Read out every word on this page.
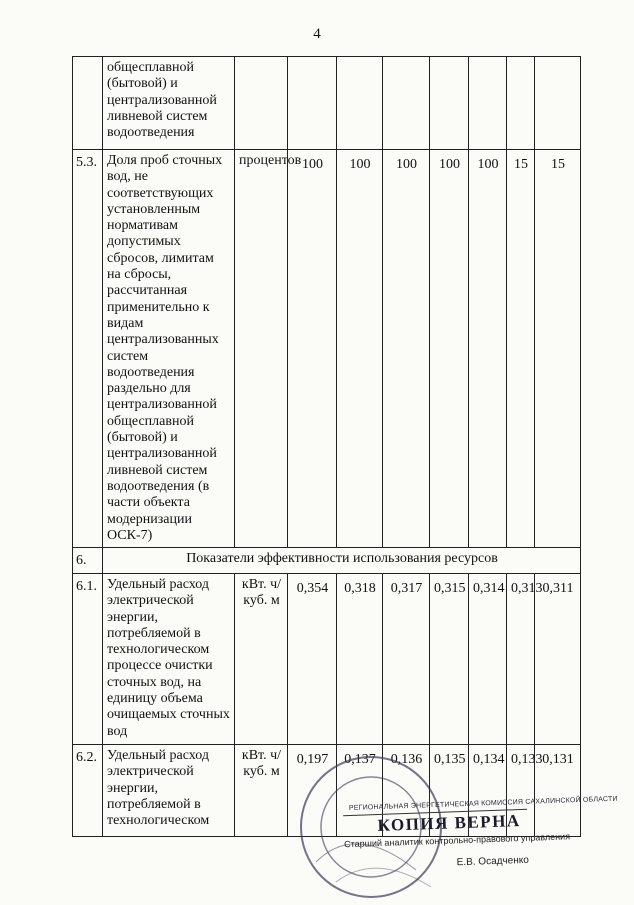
4
	общесплавной (бытовой) и централизованной ливневой систем водоотведения								
5.3.	Доля проб сточных вод, не соответствующих установленным нормативам допустимых сбросов, лимитам на сбросы, рассчитанная применительно к видам централизованных систем водоотведения раздельно для централизованной общесплавной (бытовой) и централизованной ливневой систем водоотведения (в части объекта модернизации ОСК-7)	процентов	100	100	100	100	100	15	15
6.	Показатели эффективности использования ресурсов								
6.1.	Удельный расход электрической энергии, потребляемой в технологическом процессе очистки сточных вод, на единицу объема очищаемых сточных вод	кВт. ч/куб. м	0,354	0,318	0,317	0,315	0,314	0,313	0,311
6.2.	Удельный расход электрической энергии, потребляемой в технологическом	кВт. ч/куб. м	0,197	0,137	0,136	0,135	0,134	0,133	0,131
РЕГИОНАЛЬНАЯ ЭНЕРГЕТИЧЕСКАЯ КОМИССИЯ САХАЛИНСКОЙ ОБЛАСТИ
КОПИЯ ВЕРНА
Старший аналитик контрольно-правового управления
Е.В. Осадченко
